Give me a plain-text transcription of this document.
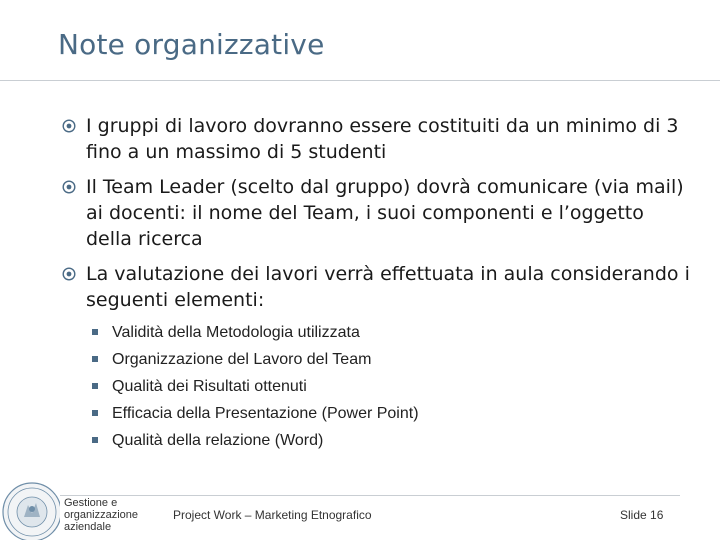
Note organizzative
I gruppi di lavoro dovranno essere costituiti da un minimo di 3 fino a un massimo di 5 studenti
Il Team Leader (scelto dal gruppo) dovrà comunicare (via mail) ai docenti: il nome del Team, i suoi componenti e l’oggetto della ricerca
La valutazione dei lavori verrà effettuata in aula considerando i seguenti elementi:
Validità della Metodologia utilizzata
Organizzazione del Lavoro del Team
Qualità dei Risultati ottenuti
Efficacia della Presentazione (Power Point)
Qualità della relazione (Word)
Gestione e
organizzazione
aziendale
Project Work – Marketing Etnografico	Slide 16
